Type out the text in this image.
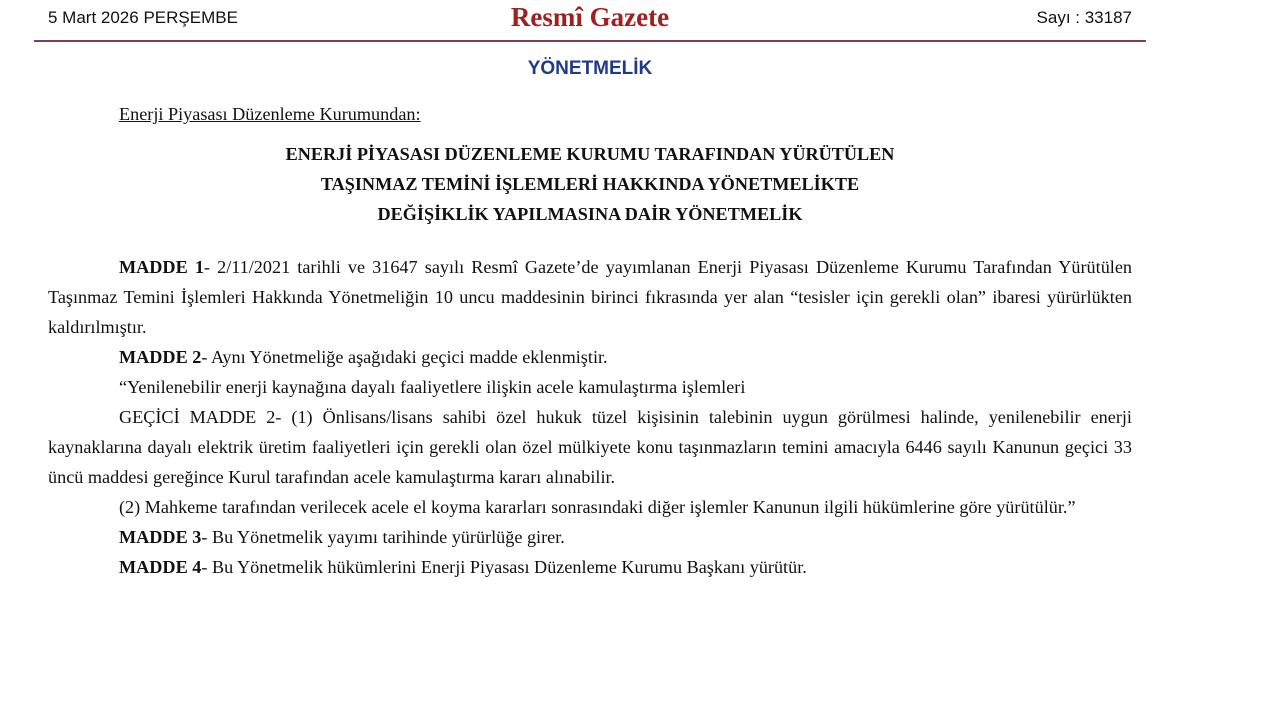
5 Mart 2026 PERŞEMBE	Resmî Gazete	Sayı : 33187
YÖNETMELİK
Enerji Piyasası Düzenleme Kurumundan:
ENERJİ PİYASASI DÜZENLEME KURUMU TARAFINDAN YÜRÜTÜLEN
TAŞINMAZ TEMİNİ İŞLEMLERİ HAKKINDA YÖNETMELİKTE
DEĞİŞİKLİK YAPILMASINA DAİR YÖNETMELİK

MADDE 1- 2/11/2021 tarihli ve 31647 sayılı Resmî Gazete’de yayımlanan Enerji Piyasası Düzenleme Kurumu Tarafından Yürütülen Taşınmaz Temini İşlemleri Hakkında Yönetmeliğin 10 uncu maddesinin birinci fıkrasında yer alan “tesisler için gerekli olan” ibaresi yürürlükten kaldırılmıştır.

MADDE 2- Aynı Yönetmeliğe aşağıdaki geçici madde eklenmiştir.

“Yenilenebilir enerji kaynağına dayalı faaliyetlere ilişkin acele kamulaştırma işlemleri

GEÇİCİ MADDE 2- (1) Önlisans/lisans sahibi özel hukuk tüzel kişisinin talebinin uygun görülmesi halinde, yenilenebilir enerji kaynaklarına dayalı elektrik üretim faaliyetleri için gerekli olan özel mülkiyete konu taşınmazların temini amacıyla 6446 sayılı Kanunun geçici 33 üncü maddesi gereğince Kurul tarafından acele kamulaştırma kararı alınabilir.

(2) Mahkeme tarafından verilecek acele el koyma kararları sonrasındaki diğer işlemler Kanunun ilgili hükümlerine göre yürütülür.”

MADDE 3- Bu Yönetmelik yayımı tarihinde yürürlüğe girer.

MADDE 4- Bu Yönetmelik hükümlerini Enerji Piyasası Düzenleme Kurumu Başkanı yürütür.
